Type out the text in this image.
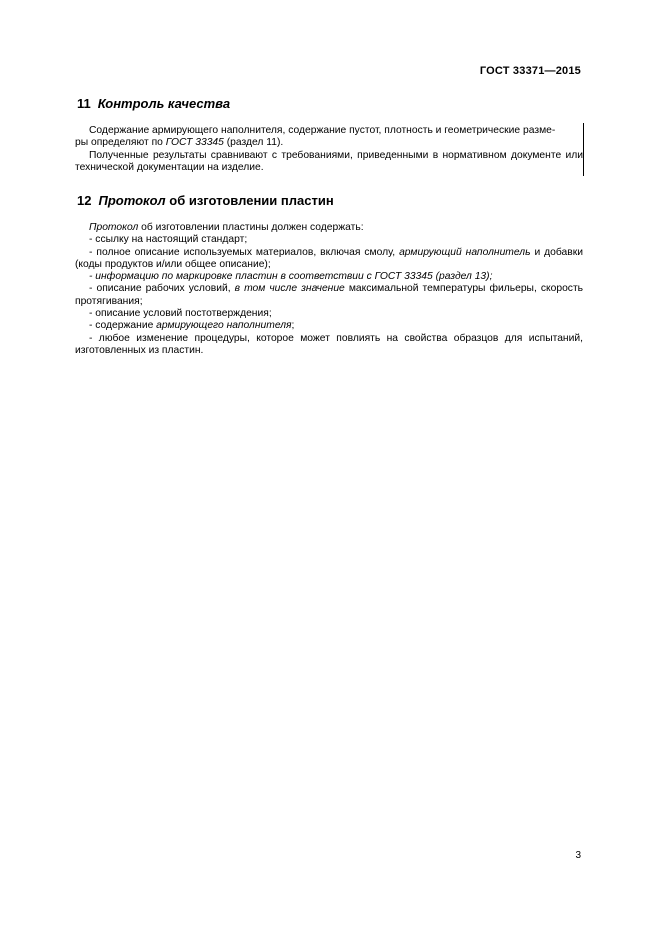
ГОСТ 33371—2015
11 Контроль качества

Содержание армирующего наполнителя, содержание пустот, плотность и геометрические разме-

ры определяют по ГОСТ 33345 (раздел 11).

Полученные результаты сравнивают с требованиями, приведенными в нормативном документе или технической документации на изделие.

12 Протокол об изготовлении пластин

Протокол об изготовлении пластины должен содержать:

- ссылку на настоящий стандарт;

- полное описание используемых материалов, включая смолу, армирующий наполнитель и добавки (коды продуктов и/или общее описание);

- информацию по маркировке пластин в соответствии с ГОСТ 33345 (раздел 13);

- описание рабочих условий, в том числе значение максимальной температуры фильеры, скорость протягивания;

- описание условий постотверждения;

- содержание армирующего наполнителя;

- любое изменение процедуры, которое может повлиять на свойства образцов для испытаний, изготовленных из пластин.

3
